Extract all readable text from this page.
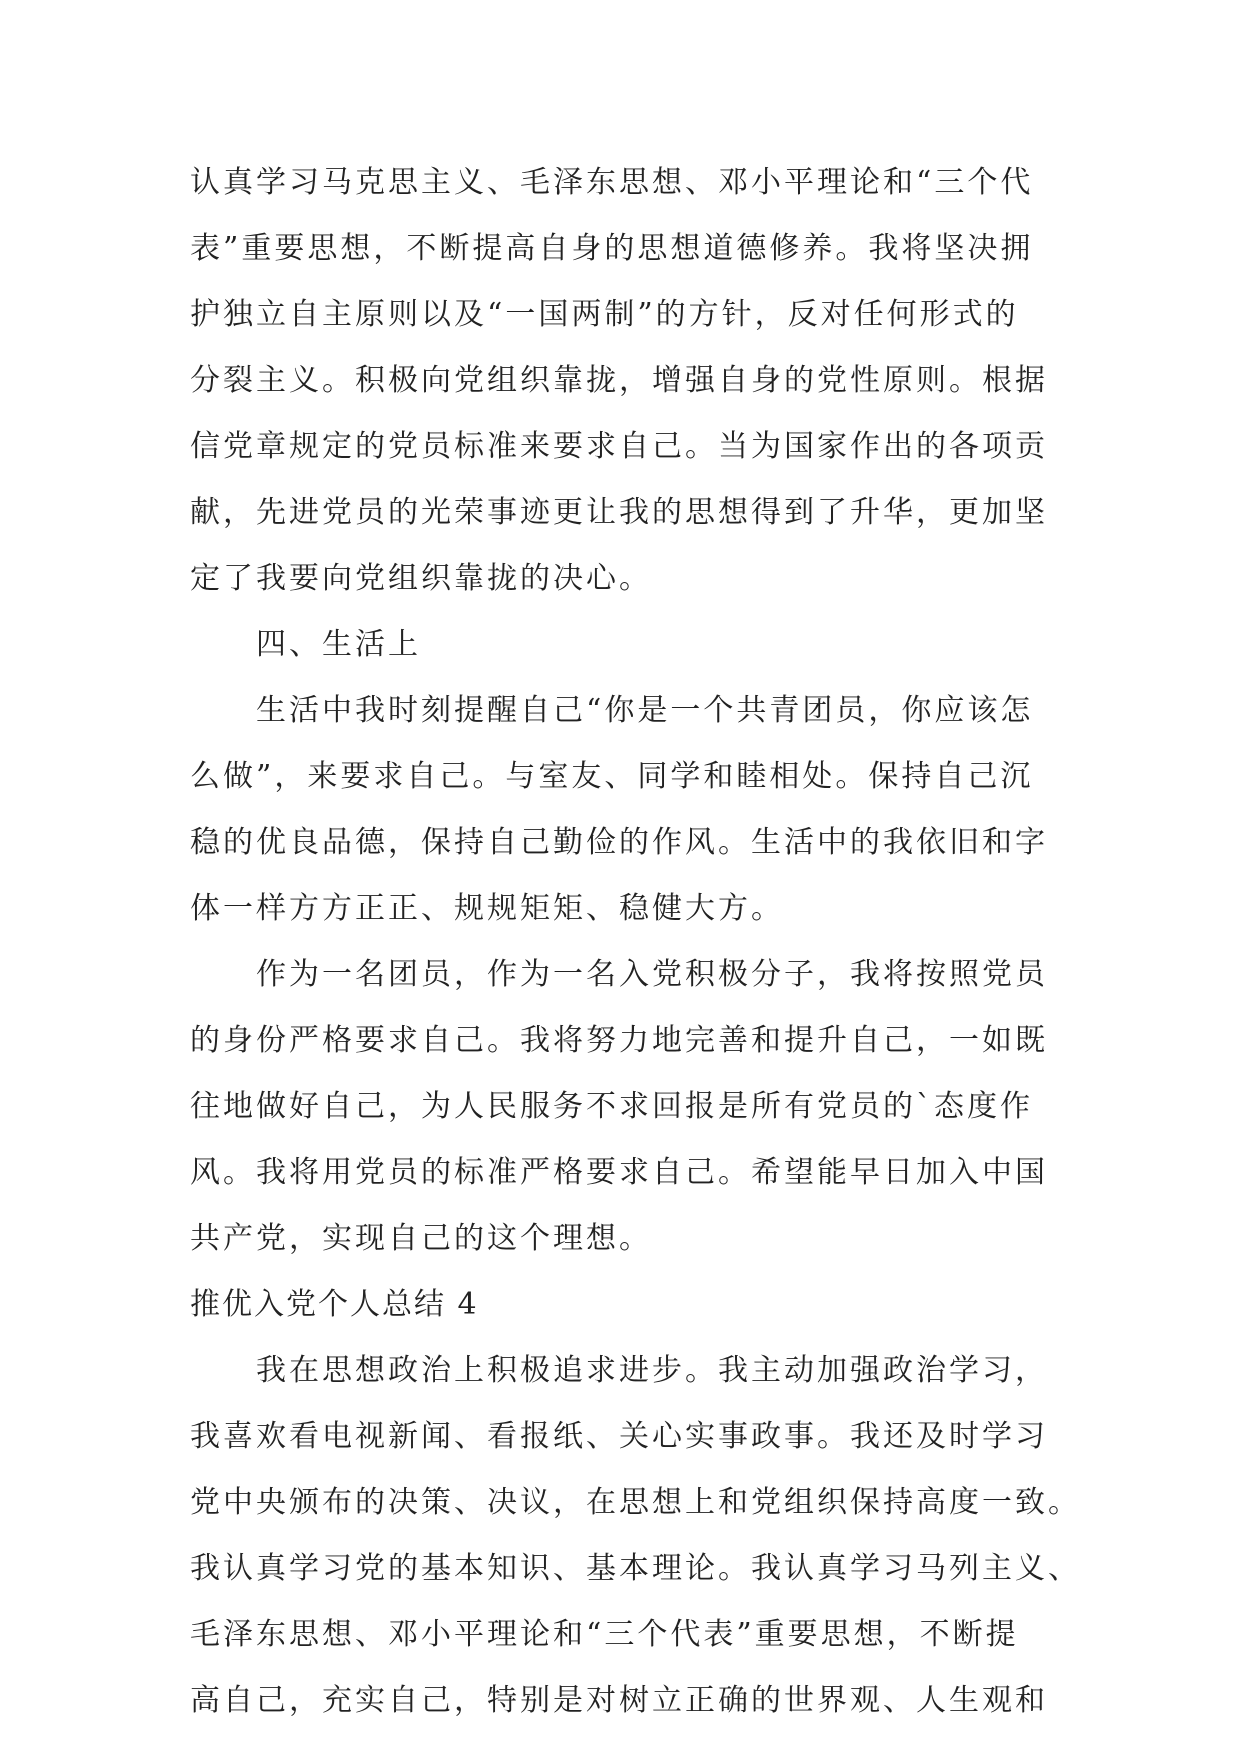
认真学习马克思主义、毛泽东思想、邓小平理论和“三个代
表”重要思想，不断提高自身的思想道德修养。我将坚决拥
护独立自主原则以及“一国两制”的方针，反对任何形式的
分裂主义。积极向党组织靠拢，增强自身的党性原则。根据
信党章规定的党员标准来要求自己。当为国家作出的各项贡
献，先进党员的光荣事迹更让我的思想得到了升华，更加坚
定了我要向党组织靠拢的决心。
四、生活上
生活中我时刻提醒自己“你是一个共青团员，你应该怎
么做”，来要求自己。与室友、同学和睦相处。保持自己沉
稳的优良品德，保持自己勤俭的作风。生活中的我依旧和字
体一样方方正正、规规矩矩、稳健大方。
作为一名团员，作为一名入党积极分子，我将按照党员
的身份严格要求自己。我将努力地完善和提升自己，一如既
往地做好自己，为人民服务不求回报是所有党员的`态度作
风。我将用党员的标准严格要求自己。希望能早日加入中国
共产党，实现自己的这个理想。
推优入党个人总结 4
我在思想政治上积极追求进步。我主动加强政治学习，
我喜欢看电视新闻、看报纸、关心实事政事。我还及时学习
党中央颁布的决策、决议，在思想上和党组织保持高度一致。
我认真学习党的基本知识、基本理论。我认真学习马列主义、
毛泽东思想、邓小平理论和“三个代表”重要思想，不断提
高自己，充实自己，特别是对树立正确的世界观、人生观和
